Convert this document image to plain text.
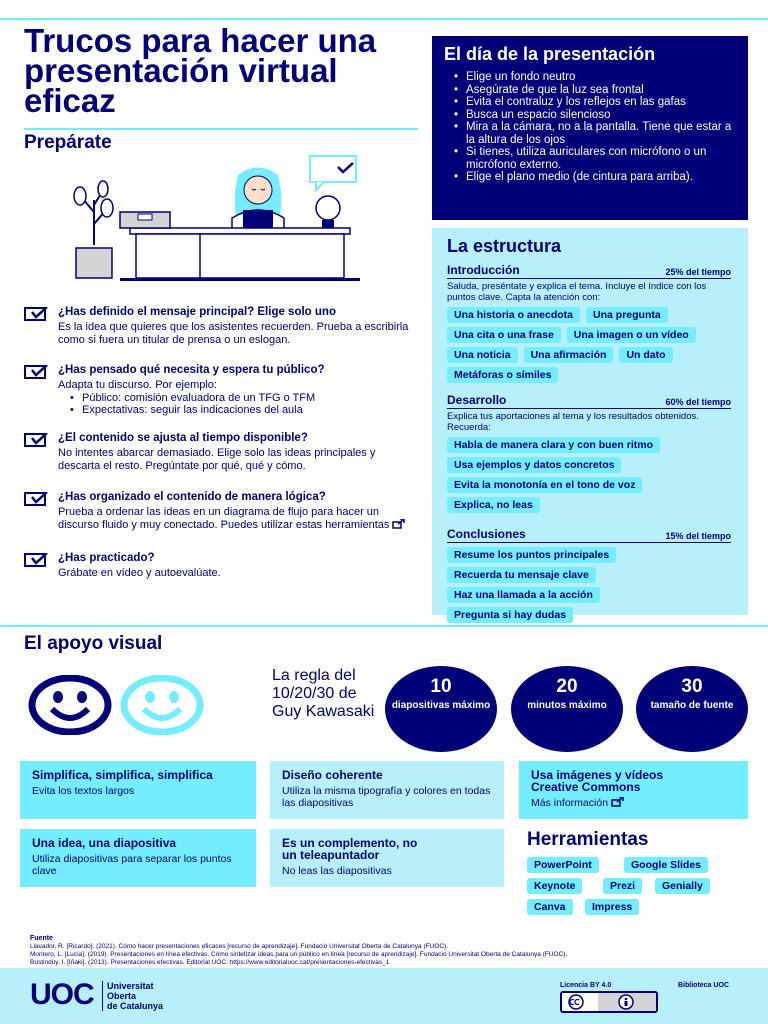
Trucos para hacer una presentación virtual eficaz
Prepárate
El día de la presentación
• Elige un fondo neutro
• Asegúrate de que la luz sea frontal
• Evita el contraluz y los reflejos en las gafas
• Busca un espacio silencioso
• Mira a la cámara, no a la pantalla. Tiene que estar a la altura de los ojos
• Si tienes, utiliza auriculares con micrófono o un micrófono externo.
• Elige el plano medio (de cintura para arriba).
La estructura
Introducción	25% del tiempo
Saluda, preséntate y explica el tema. Incluye el índice con los puntos clave. Capta la atención con:
Una historia o anecdota	Una pregunta
Una cita o una frase	Una imagen o un vídeo
Una noticia	Una afirmación	Un dato
Metáforas o símiles
Desarrollo	60% del tiempo
Explica tus aportaciones al tema y los resultados obtenidos. Recuerda:
Habla de manera clara y con buen ritmo
Usa ejemplos y datos concretos
Evita la monotonía en el tono de voz
Explica, no leas
Conclusiones	15% del tiempo
Resume los puntos principales
Recuerda tu mensaje clave
Haz una llamada a la acción
Pregunta si hay dudas
¿Has definido el mensaje principal? Elige solo uno
Es la idea que quieres que los asistentes recuerden. Prueba a escribirla como si fuera un titular de prensa o un eslogan.
¿Has pensado qué necesita y espera tu público?
Adapta tu discurso. Por ejemplo:
• Público: comisión evaluadora de un TFG o TFM
• Expectativas: seguir las indicaciones del aula
¿El contenido se ajusta al tiempo disponible?
No intentes abarcar demasiado. Elige solo las ideas principales y descarta el resto. Pregúntate por qué, qué y cómo.
¿Has organizado el contenido de manera lógica?
Prueba a ordenar las ideas en un diagrama de flujo para hacer un discurso fluido y muy conectado. Puedes utilizar estas herramientas
¿Has practicado?
Grábate en vídeo y autoevalúate.
El apoyo visual
La regla del 10/20/30 de Guy Kawasaki
10
diapositivas máximo
20
minutos máximo
30
tamaño de fuente
Simplifica, simplifica, simplifica
Evita los textos largos
Diseño coherente
Utiliza la misma tipografía y colores en todas las diapositivas
Usa imágenes y vídeos Creative Commons
Más información
Una idea, una diapositiva
Utiliza diapositivas para separar los puntos clave
Es un complemento, no un teleapuntador
No leas las diapositivas
Herramientas
PowerPoint	Google Slides
Keynote	Prezi	Genially
Canva	Impress
Fuente
Llavador, R. [Ricardo]. (2021). Cómo hacer presentaciones eficaces [recurso de aprendizaje]. Fundació Universitat Oberta de Catalunya (FUOC).
Montero, L. [Lucía]. (2019). Presentaciones en línea efectivas. Cómo sintetizar ideas para un público en línea [recurso de aprendizaje]. Fundació Universitat Oberta de Catalunya (FUOC).
Bustinduy, I. [Iñaki]. (2013). Presentaciones efectivas. Editorial UOC. https://www.editorialuoc.cat/presentaciones-efectivas_1
UOC Universitat
Oberta
de Catalunya
Licencia BY 4.0	Biblioteca UOC
